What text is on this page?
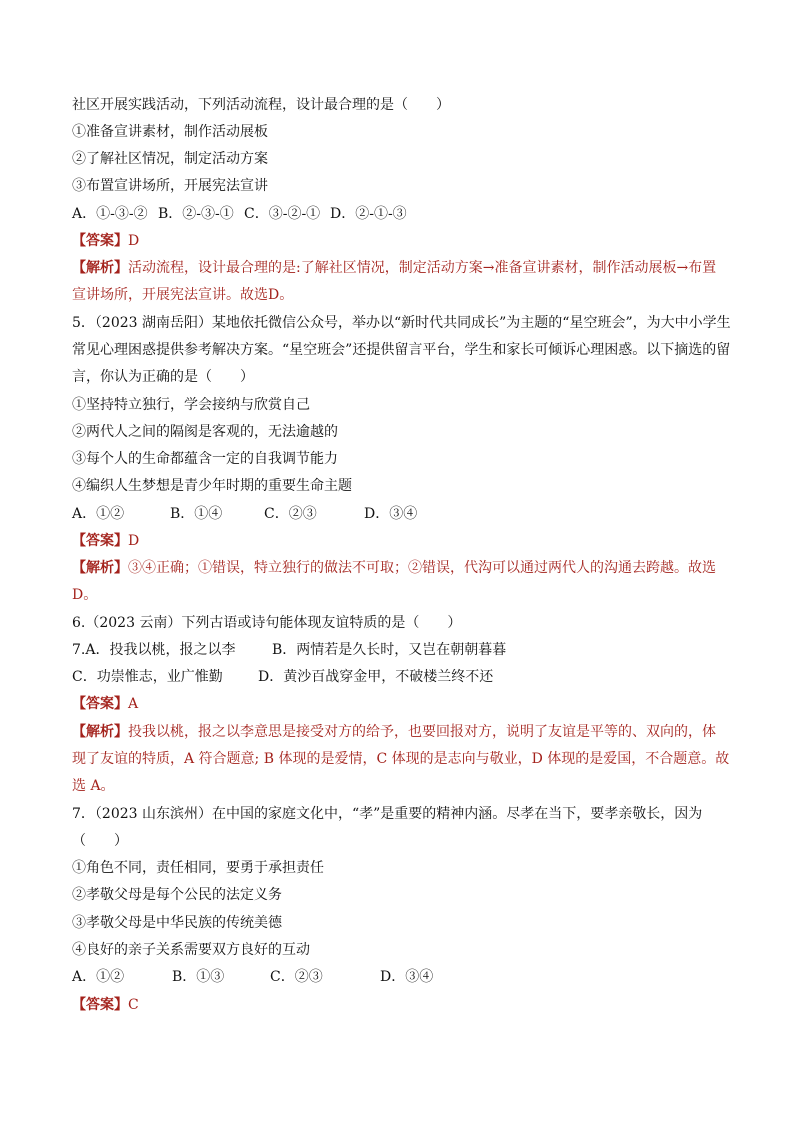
社区开展实践活动，下列活动流程，设计最合理的是（　　）
①准备宣讲素材，制作活动展板
②了解社区情况，制定活动方案
③布置宣讲场所，开展宪法宣讲
A．①-③-② B．②-③-① C．③-②-① D．②-①-③
【答案】D
【解析】活动流程，设计最合理的是:了解社区情况，制定活动方案→准备宣讲素材，制作活动展板→布置
宣讲场所，开展宪法宣讲。故选D。
5．（2023 湖南岳阳）某地依托微信公众号，举办以“新时代共同成长”为主题的“星空班会”，为大中小学生
常见心理困惑提供参考解决方案。“星空班会”还提供留言平台，学生和家长可倾诉心理困惑。以下摘选的留
言，你认为正确的是（　　）
①坚持特立独行，学会接纳与欣赏自己
②两代人之间的隔阂是客观的，无法逾越的
③每个人的生命都蕴含一定的自我调节能力
④编织人生梦想是青少年时期的重要生命主题
A．①②	B．①④	C．②③	D．③④
【答案】D
【解析】③④正确；①错误，特立独行的做法不可取；②错误，代沟可以通过两代人的沟通去跨越。故选
D。
6.（2023 云南）下列古语或诗句能体现友谊特质的是（　　）
7.A．投我以桃，报之以李	B．两情若是久长时，又岂在朝朝暮暮
C．功崇惟志，业广惟勤	D．黄沙百战穿金甲，不破楼兰终不还
【答案】A
【解析】投我以桃，报之以李意思是接受对方的给予，也要回报对方，说明了友谊是平等的、双向的，体
现了友谊的特质，A 符合题意; B 体现的是爱情，C 体现的是志向与敬业，D 体现的是爱国，不合题意。故
选 A。
7．（2023 山东滨州）在中国的家庭文化中，“孝”是重要的精神内涵。尽孝在当下，要孝亲敬长，因为
（　　）
①角色不同，责任相同，要勇于承担责任
②孝敬父母是每个公民的法定义务
③孝敬父母是中华民族的传统美德
④良好的亲子关系需要双方良好的互动
A．①②	B．①③	C．②③	D．③④
【答案】C
